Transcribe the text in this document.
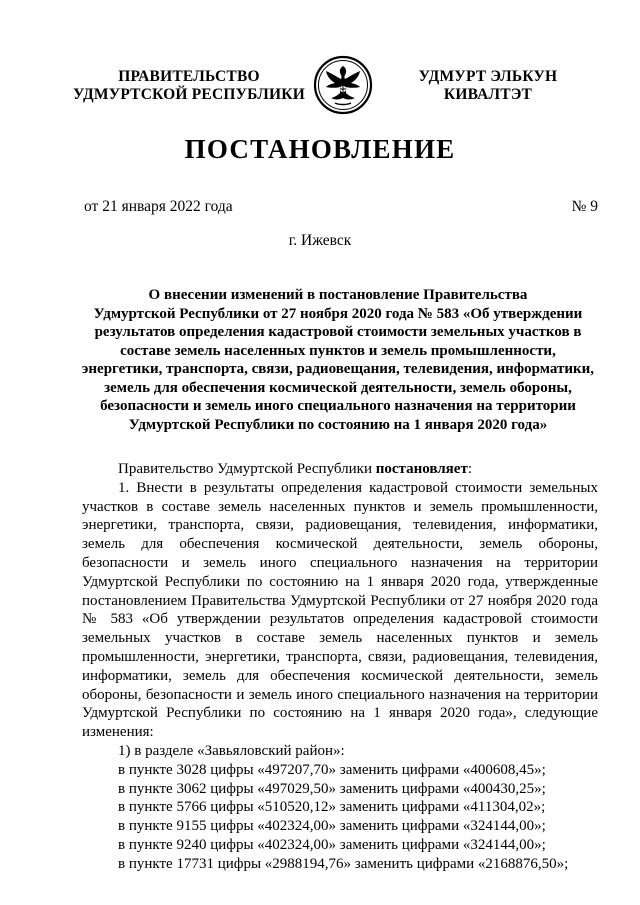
ПРАВИТЕЛЬСТВО
УДМУРТСКОЙ РЕСПУБЛИКИ
УДМУРТ ЭЛЬКУН
КИВАЛТЭТ
ПОСТАНОВЛЕНИЕ
от 21 января 2022 года	№ 9
г. Ижевск
О внесении изменений в постановление Правительства
Удмуртской Республики от 27 ноября 2020 года № 583 «Об утверждении
результатов определения кадастровой стоимости земельных участков в
составе земель населенных пунктов и земель промышленности,
энергетики, транспорта, связи, радиовещания, телевидения, информатики,
земель для обеспечения космической деятельности, земель обороны,
безопасности и земель иного специального назначения на территории
Удмуртской Республики по состоянию на 1 января 2020 года»
Правительство Удмуртской Республики постановляет:
1. Внести в результаты определения кадастровой стоимости земельных
участков в составе земель населенных пунктов и земель промышленности,
энергетики, транспорта, связи, радиовещания, телевидения, информатики,
земель для обеспечения космической деятельности, земель обороны,
безопасности и земель иного специального назначения на территории
Удмуртской Республики по состоянию на 1 января 2020 года, утвержденные
постановлением Правительства Удмуртской Республики от 27 ноября 2020 года
№ 583 «Об утверждении результатов определения кадастровой стоимости
земельных участков в составе земель населенных пунктов и земель
промышленности, энергетики, транспорта, связи, радиовещания, телевидения,
информатики, земель для обеспечения космической деятельности, земель
обороны, безопасности и земель иного специального назначения на территории
Удмуртской Республики по состоянию на 1 января 2020 года», следующие
изменения:
1) в разделе «Завьяловский район»:
в пункте 3028 цифры «497207,70» заменить цифрами «400608,45»;
в пункте 3062 цифры «497029,50» заменить цифрами «400430,25»;
в пункте 5766 цифры «510520,12» заменить цифрами «411304,02»;
в пункте 9155 цифры «402324,00» заменить цифрами «324144,00»;
в пункте 9240 цифры «402324,00» заменить цифрами «324144,00»;
в пункте 17731 цифры «2988194,76» заменить цифрами «2168876,50»;
